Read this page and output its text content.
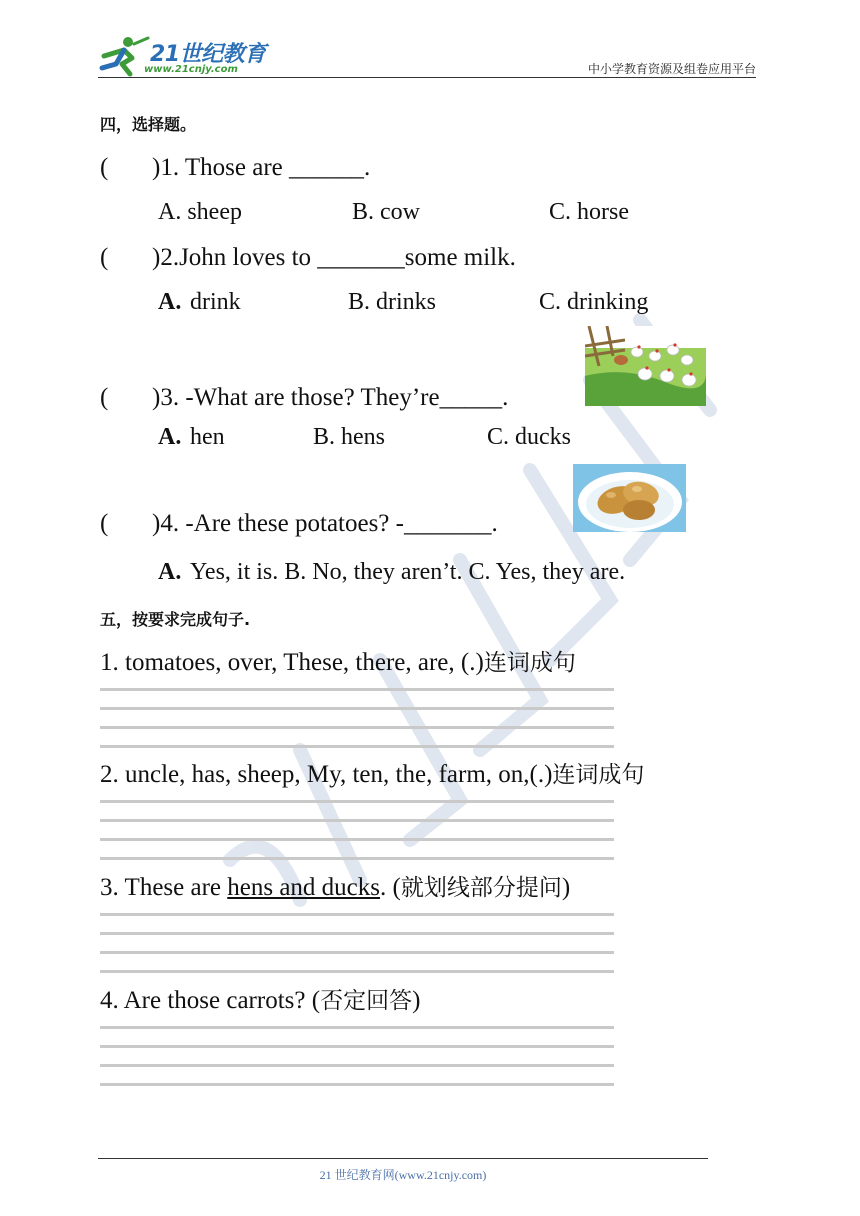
21世纪教育
www.21cnjy.com	中小学教育资源及组卷应用平台
四，选择题。
( )1. Those are ______.
A. sheep	B. cow	C. horse
( )2.John loves to _______some milk.
A. drink	B. drinks	C. drinking
( )3. -What are those? They’re_____.
A. hen	B. hens	C. ducks
( )4. -Are these potatoes? -_______.
A. Yes, it is. B. No, they aren’t. C. Yes, they are.
五，按要求完成句子.
1. tomatoes, over, These, there, are, (.)连词成句
2. uncle, has, sheep, My, ten, the, farm, on,(.)连词成句
3. These are hens and ducks. (就划线部分提问)
4. Are those carrots? (否定回答)
21 世纪教育网(www.21cnjy.com)
